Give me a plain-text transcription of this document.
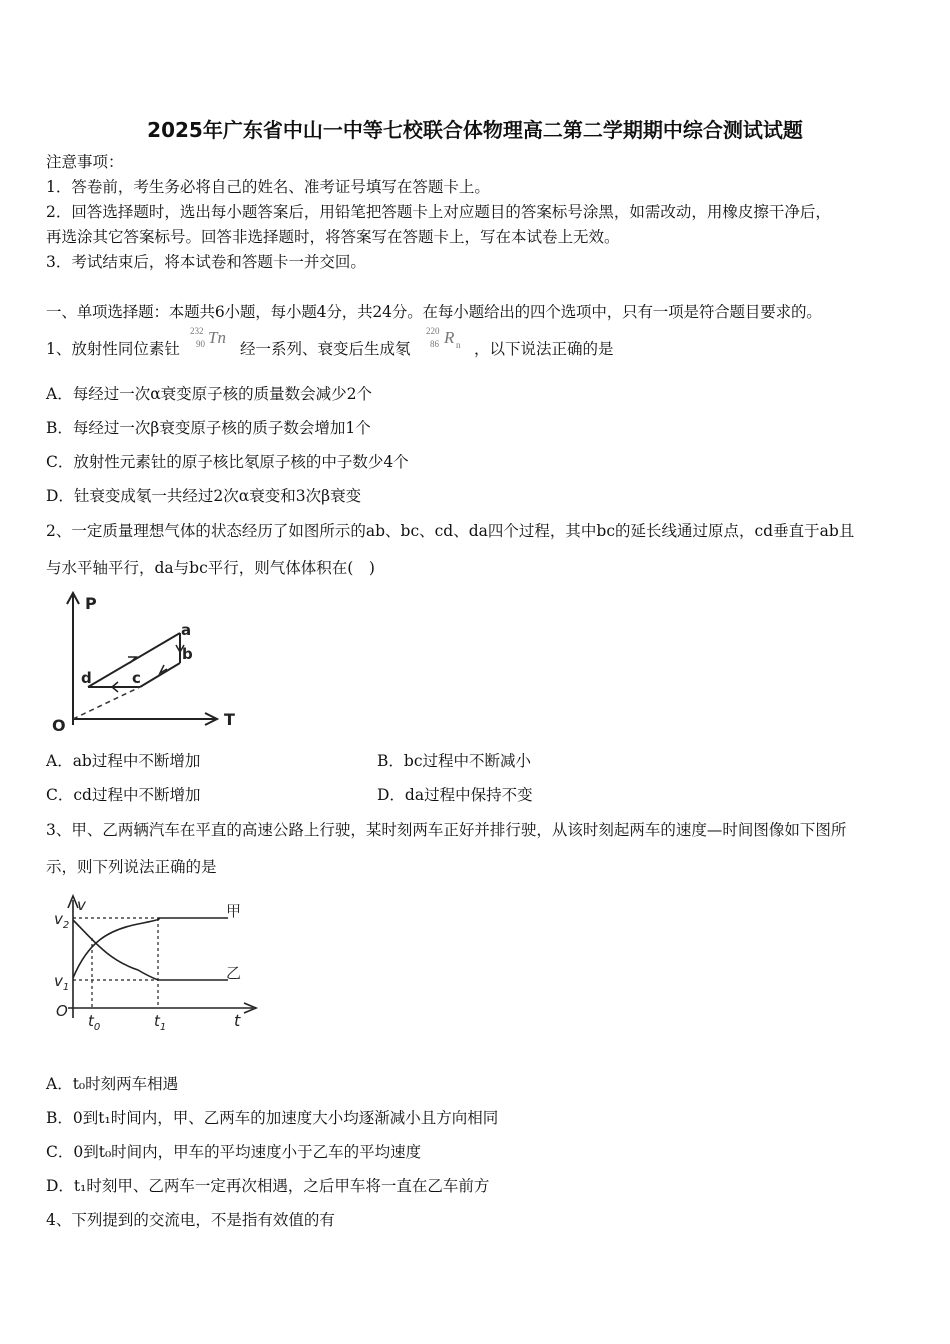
2025年广东省中山一中等七校联合体物理高二第二学期期中综合测试试题
注意事项：
1．答卷前，考生务必将自己的姓名、准考证号填写在答题卡上。
2．回答选择题时，选出每小题答案后，用铅笔把答题卡上对应题目的答案标号涂黑，如需改动，用橡皮擦干净后，
再选涂其它答案标号。回答非选择题时，将答案写在答题卡上，写在本试卷上无效。
3．考试结束后，将本试卷和答题卡一并交回。
一、单项选择题：本题共6小题，每小题4分，共24分。在每小题给出的四个选项中，只有一项是符合题目要求的。
1、放射性同位素钍
232
90 Tn
经一系列、衰变后生成氡
220
86 R n ，以下说法正确的是
A．每经过一次α衰变原子核的质量数会减少2个
B．每经过一次β衰变原子核的质子数会增加1个
C．放射性元素钍的原子核比氡原子核的中子数少4个
D．钍衰变成氡一共经过2次α衰变和3次β衰变
2、一定质量理想气体的状态经历了如图所示的ab、bc、cd、da四个过程，其中bc的延长线通过原点，cd垂直于ab且
与水平轴平行，da与bc平行，则气体体积在(　)
P
T
O
a
b
c
d
A．ab过程中不断增加	B．bc过程中不断减小
C．cd过程中不断增加	D．da过程中保持不变
3、甲、乙两辆汽车在平直的高速公路上行驶，某时刻两车正好并排行驶，从该时刻起两车的速度—时间图像如下图所
示，则下列说法正确的是
v
$v_2$
$v_1$
O
$t_0$	$t_1$	t
甲
乙
A．t₀时刻两车相遇
B．0到t₁时间内，甲、乙两车的加速度大小均逐渐减小且方向相同
C．0到t₀时间内，甲车的平均速度小于乙车的平均速度
D．t₁时刻甲、乙两车一定再次相遇，之后甲车将一直在乙车前方
4、下列提到的交流电，不是指有效值的有
